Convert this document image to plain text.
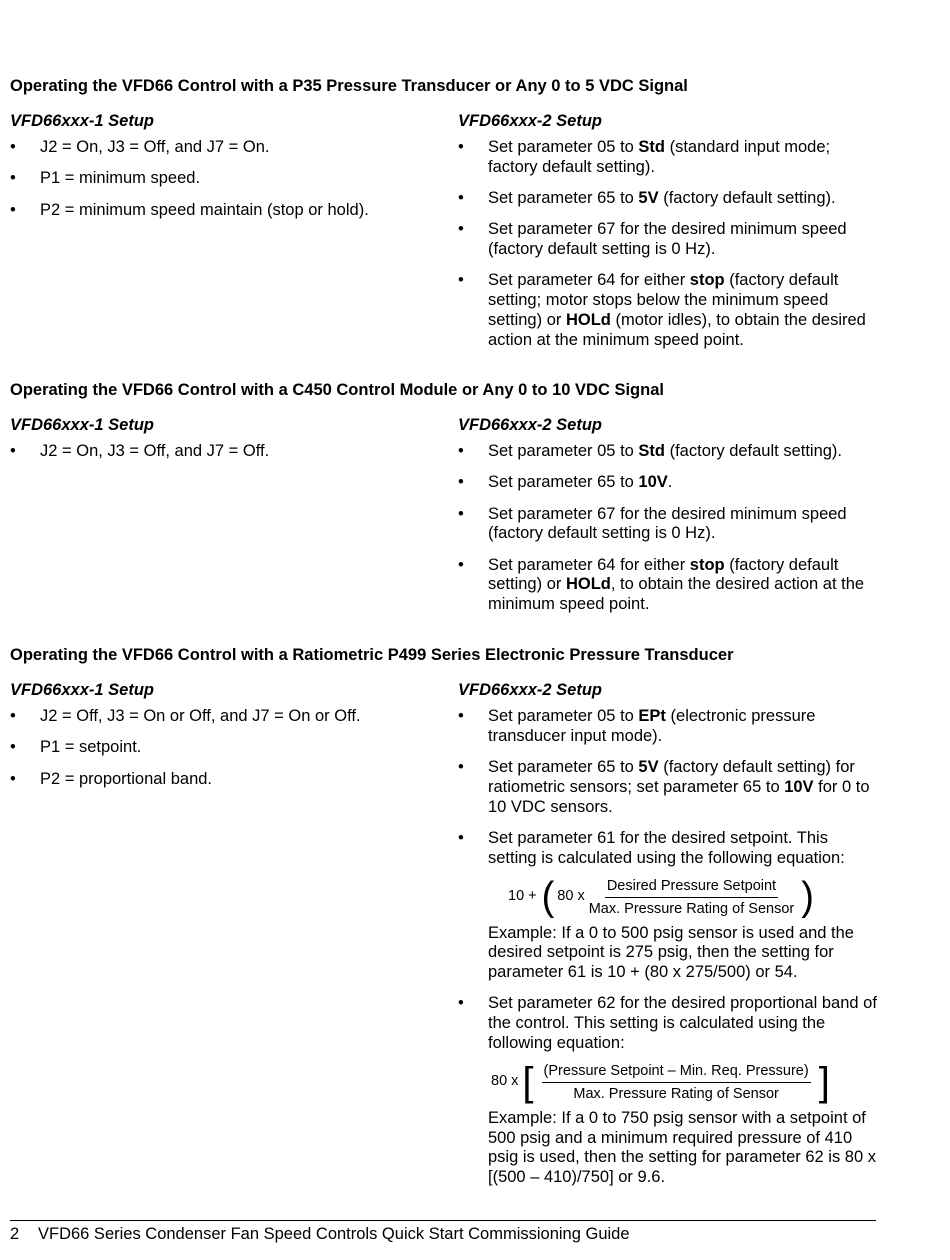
Operating the VFD66 Control with a P35 Pressure Transducer or Any 0 to 5 VDC Signal
VFD66xxx-1 Setup
• J2 = On, J3 = Off, and J7 = On.
• P1 = minimum speed.
• P2 = minimum speed maintain (stop or hold).
VFD66xxx-2 Setup
• Set parameter 05 to Std (standard input mode; factory default setting).
• Set parameter 65 to 5V (factory default setting).
• Set parameter 67 for the desired minimum speed (factory default setting is 0 Hz).
• Set parameter 64 for either stop (factory default setting; motor stops below the minimum speed setting) or HOLd (motor idles), to obtain the desired action at the minimum speed point.
Operating the VFD66 Control with a C450 Control Module or Any 0 to 10 VDC Signal
VFD66xxx-1 Setup
• J2 = On, J3 = Off, and J7 = Off.
VFD66xxx-2 Setup
• Set parameter 05 to Std (factory default setting).
• Set parameter 65 to 10V.
• Set parameter 67 for the desired minimum speed (factory default setting is 0 Hz).
• Set parameter 64 for either stop (factory default setting) or HOLd, to obtain the desired action at the minimum speed point.
Operating the VFD66 Control with a Ratiometric P499 Series Electronic Pressure Transducer
VFD66xxx-1 Setup
• J2 = Off, J3 = On or Off, and J7 = On or Off.
• P1 = setpoint.
• P2 = proportional band.
VFD66xxx-2 Setup
• Set parameter 05 to EPt (electronic pressure transducer input mode).
• Set parameter 65 to 5V (factory default setting) for ratiometric sensors; set parameter 65 to 10V for 0 to 10 VDC sensors.
• Set parameter 61 for the desired setpoint. This setting is calculated using the following equation:
10 + ( 80 x $\frac{\text{Desired Pressure Setpoint}}{\text{Max. Pressure Rating of Sensor}}$ )
Example: If a 0 to 500 psig sensor is used and the desired setpoint is 275 psig, then the setting for parameter 61 is 10 + (80 x 275/500) or 54.
• Set parameter 62 for the desired proportional band of the control. This setting is calculated using the following equation:
80 x [ $\frac{\text{(Pressure Setpoint – Min. Req. Pressure)}}{\text{Max. Pressure Rating of Sensor}}$ ]
Example: If a 0 to 750 psig sensor with a setpoint of 500 psig and a minimum required pressure of 410 psig is used, then the setting for parameter 62 is 80 x [(500 – 410)/750] or 9.6.
2 VFD66 Series Condenser Fan Speed Controls Quick Start Commissioning Guide
